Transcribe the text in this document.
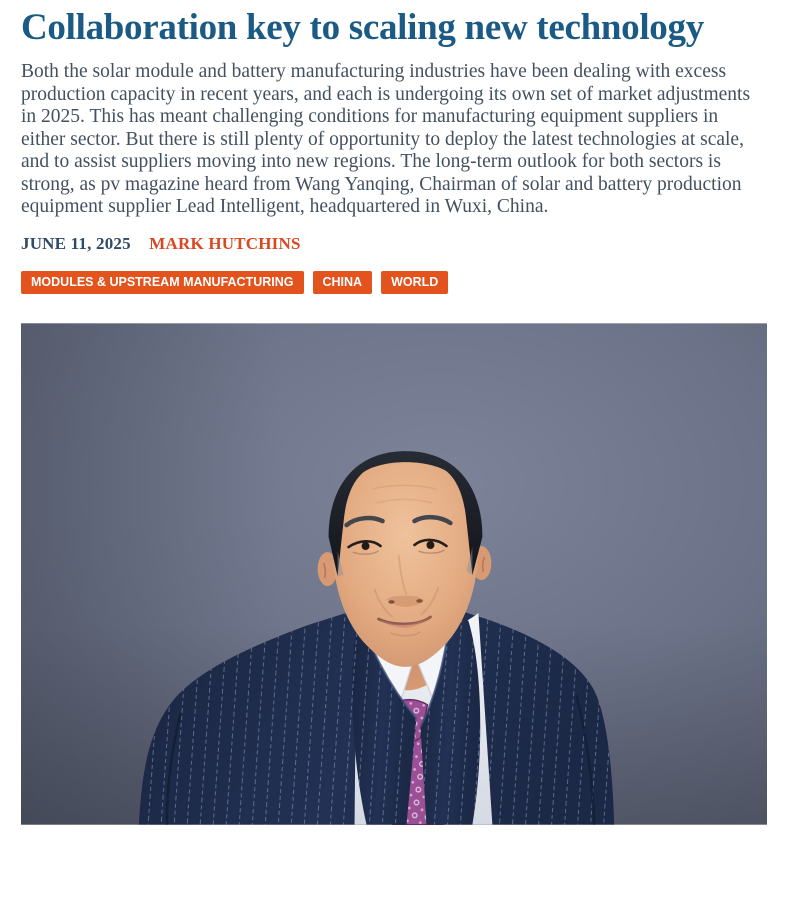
Collaboration key to scaling new technology

Both the solar module and battery manufacturing industries have been dealing with excess production capacity in recent years, and each is undergoing its own set of market adjustments in 2025. This has meant challenging conditions for manufacturing equipment suppliers in either sector. But there is still plenty of opportunity to deploy the latest technologies at scale, and to assist suppliers moving into new regions. The long-term outlook for both sectors is strong, as pv magazine heard from Wang Yanqing, Chairman of solar and battery production equipment supplier Lead Intelligent, headquartered in Wuxi, China.

JUNE 11, 2025 MARK HUTCHINS
MODULES & UPSTREAM MANUFACTURING	CHINA	WORLD
